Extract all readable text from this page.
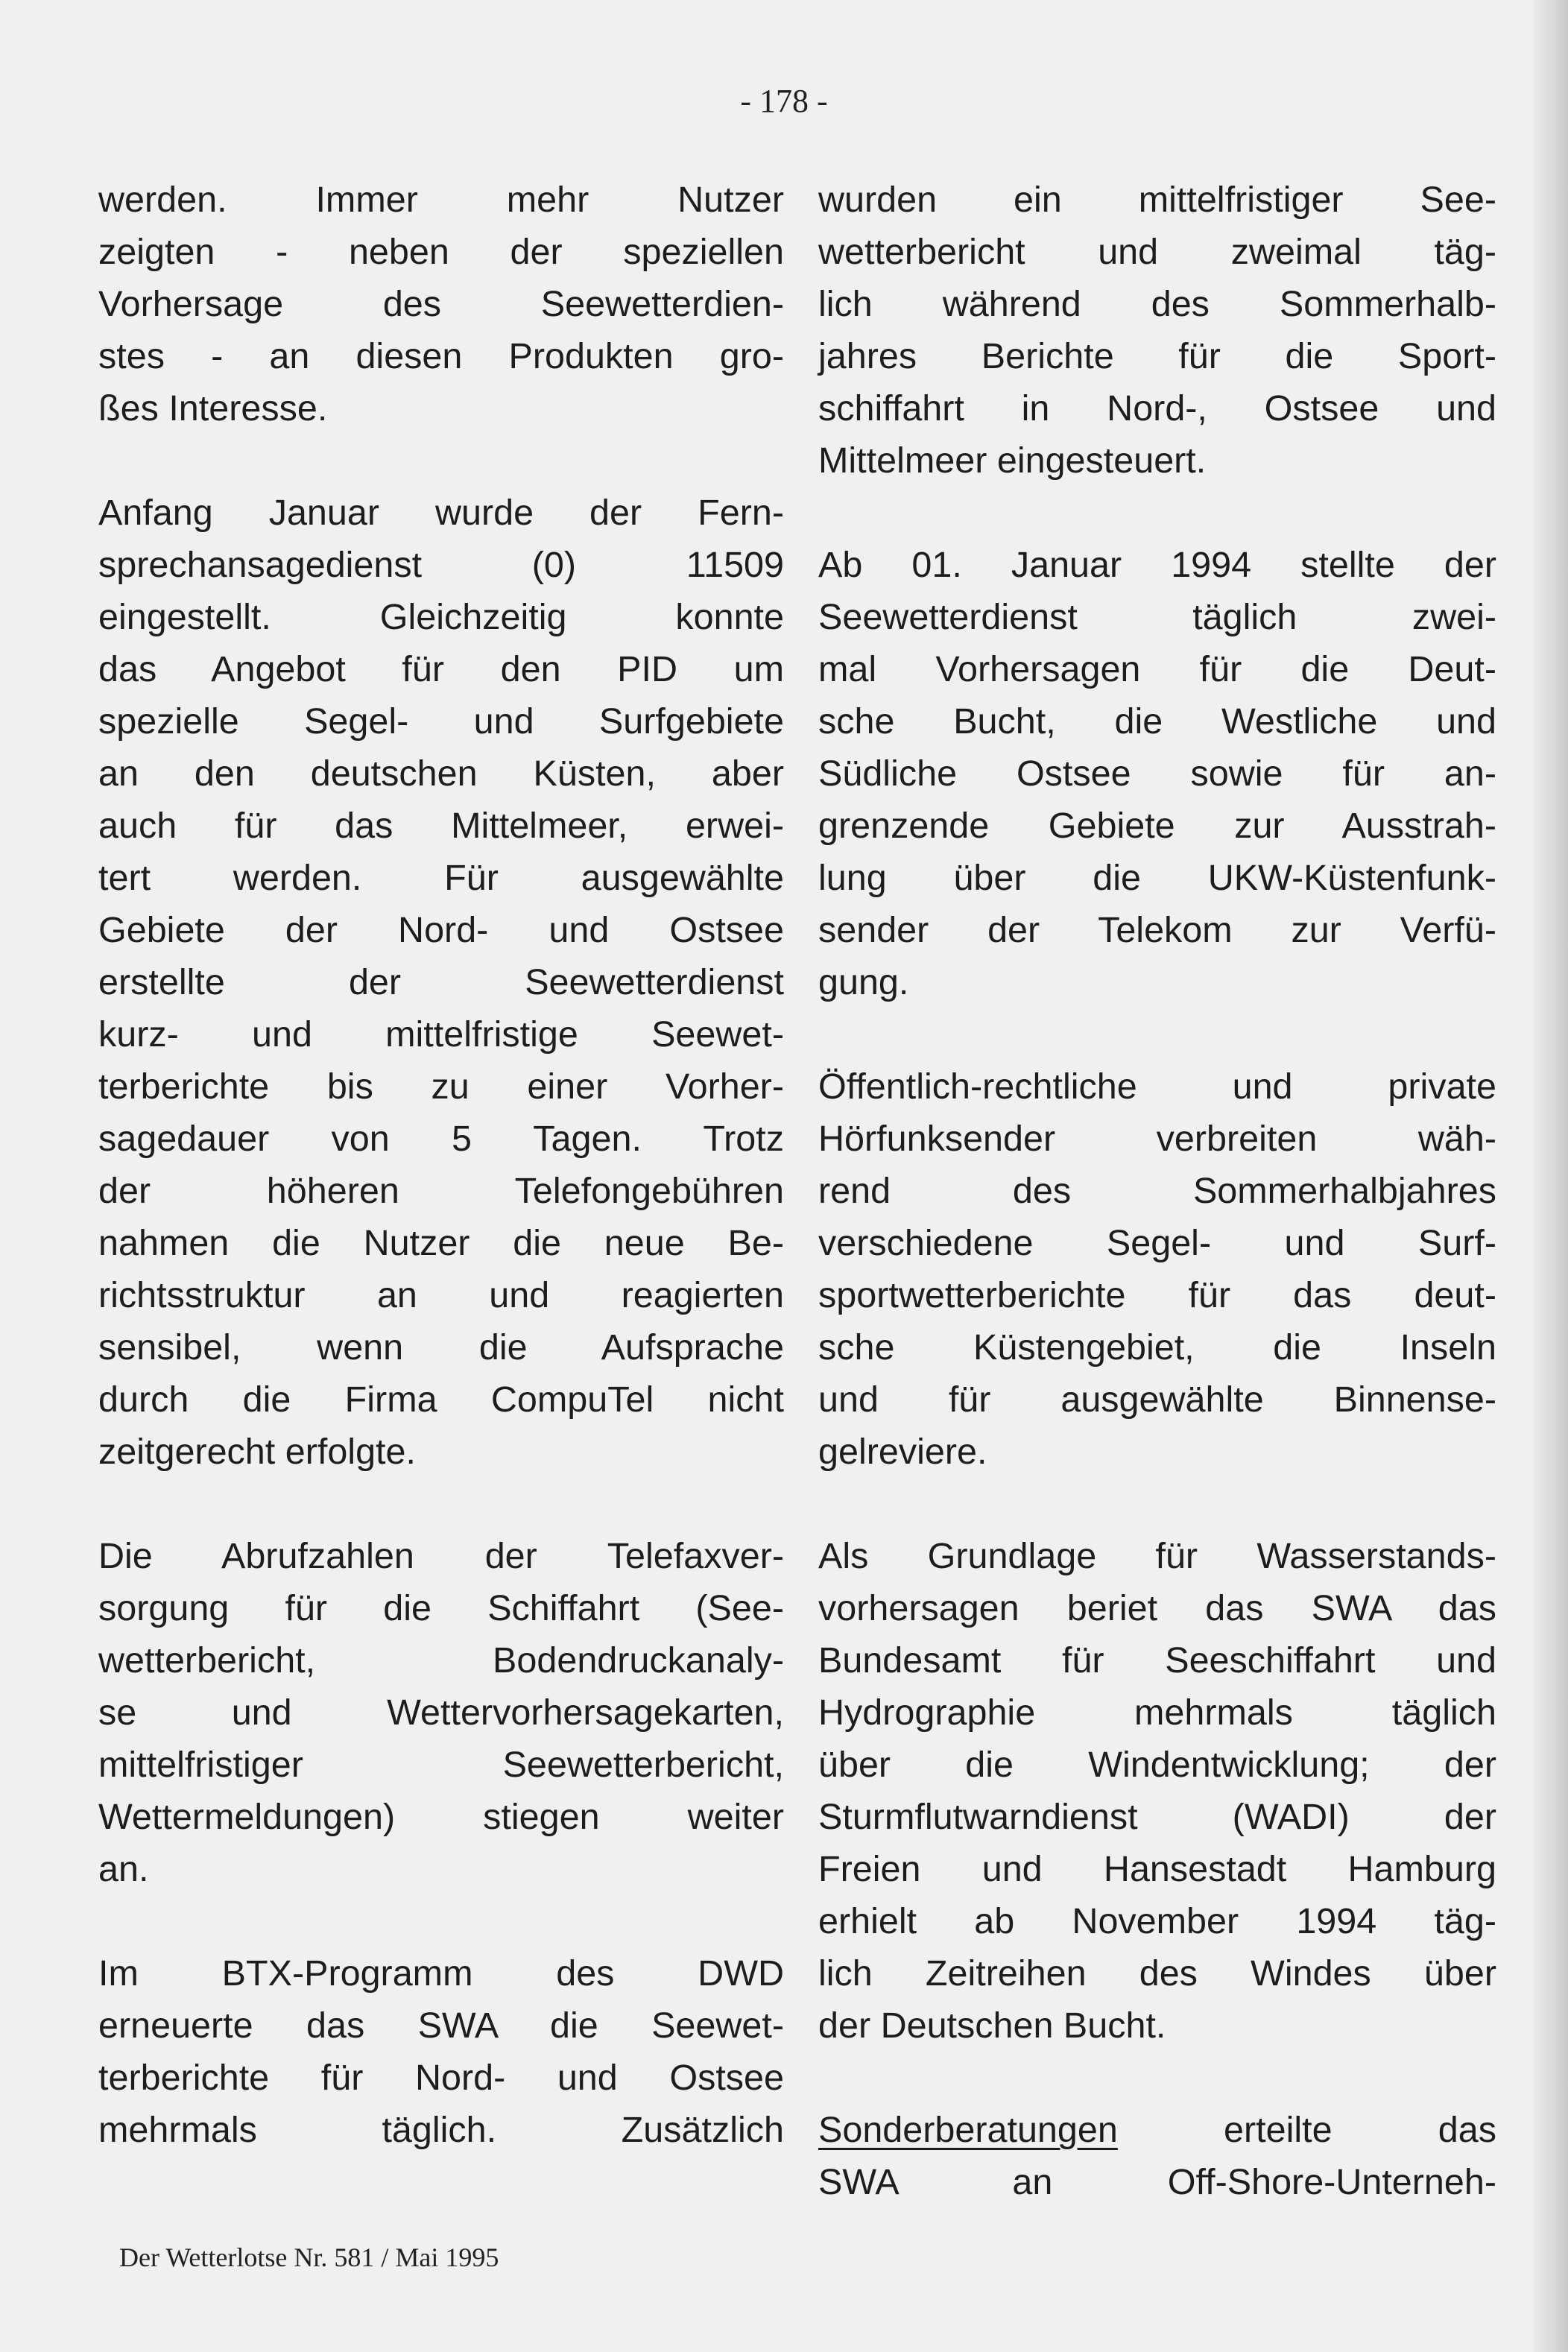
- 178 -
werden. Immer mehr Nutzer
zeigten - neben der speziellen
Vorhersage des Seewetterdien-
stes - an diesen Produkten gro-
ßes Interesse.
Anfang Januar wurde der Fern-
sprechansagedienst (0) 11509
eingestellt. Gleichzeitig konnte
das Angebot für den PID um
spezielle Segel- und Surfgebiete
an den deutschen Küsten, aber
auch für das Mittelmeer, erwei-
tert werden. Für ausgewählte
Gebiete der Nord- und Ostsee
erstellte der Seewetterdienst
kurz- und mittelfristige Seewet-
terberichte bis zu einer Vorher-
sagedauer von 5 Tagen. Trotz
der höheren Telefongebühren
nahmen die Nutzer die neue Be-
richtsstruktur an und reagierten
sensibel, wenn die Aufsprache
durch die Firma CompuTel nicht
zeitgerecht erfolgte.
Die Abrufzahlen der Telefaxver-
sorgung für die Schiffahrt (See-
wetterbericht, Bodendruckanaly-
se und Wettervorhersagekarten,
mittelfristiger Seewetterbericht,
Wettermeldungen) stiegen weiter
an.
Im BTX-Programm des DWD
erneuerte das SWA die Seewet-
terberichte für Nord- und Ostsee
mehrmals täglich. Zusätzlich
wurden ein mittelfristiger See-
wetterbericht und zweimal täg-
lich während des Sommerhalb-
jahres Berichte für die Sport-
schiffahrt in Nord-, Ostsee und
Mittelmeer eingesteuert.
Ab 01. Januar 1994 stellte der
Seewetterdienst täglich zwei-
mal Vorhersagen für die Deut-
sche Bucht, die Westliche und
Südliche Ostsee sowie für an-
grenzende Gebiete zur Ausstrah-
lung über die UKW-Küstenfunk-
sender der Telekom zur Verfü-
gung.
Öffentlich-rechtliche und private
Hörfunksender verbreiten wäh-
rend des Sommerhalbjahres
verschiedene Segel- und Surf-
sportwetterberichte für das deut-
sche Küstengebiet, die Inseln
und für ausgewählte Binnense-
gelreviere.
Als Grundlage für Wasserstands-
vorhersagen beriet das SWA das
Bundesamt für Seeschiffahrt und
Hydrographie mehrmals täglich
über die Windentwicklung; der
Sturmflutwarndienst (WADI) der
Freien und Hansestadt Hamburg
erhielt ab November 1994 täg-
lich Zeitreihen des Windes über
der Deutschen Bucht.
Sonderberatungen erteilte das
SWA an Off-Shore-Unterneh-
Der Wetterlotse Nr. 581 / Mai 1995
